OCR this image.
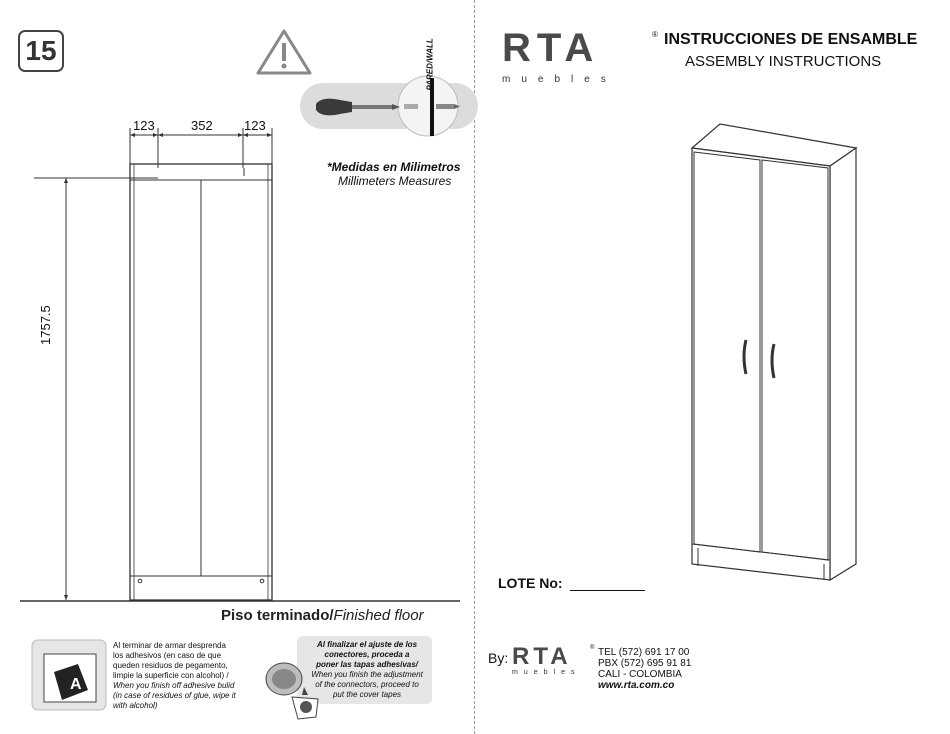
15	PARED/WALL
123	352 123
1757.5
*Medidas en Milimetros
Millimeters Measures
Piso terminado/Finished floor
A
Al terminar de armar desprenda
los adhesivos (en caso de que
queden residuos de pegamento,
limpie la superficie con alcohol) /
When you finish off adhesive bulid
(in case of residues of glue, wipe it
with alcohol)
Al finalizar el ajuste de los
conectores, proceda a
poner las tapas adhesivas/
When you finish the adjustment
of the connectors, proceed to
put the cover tapes
RTA
muebles
® INSTRUCCIONES DE ENSAMBLE
ASSEMBLY INSTRUCTIONS
LOTE No:
By: RTA
muebles
® TEL (572) 691 17 00
PBX (572) 695 91 81
CALI - COLOMBIA
www.rta.com.co
